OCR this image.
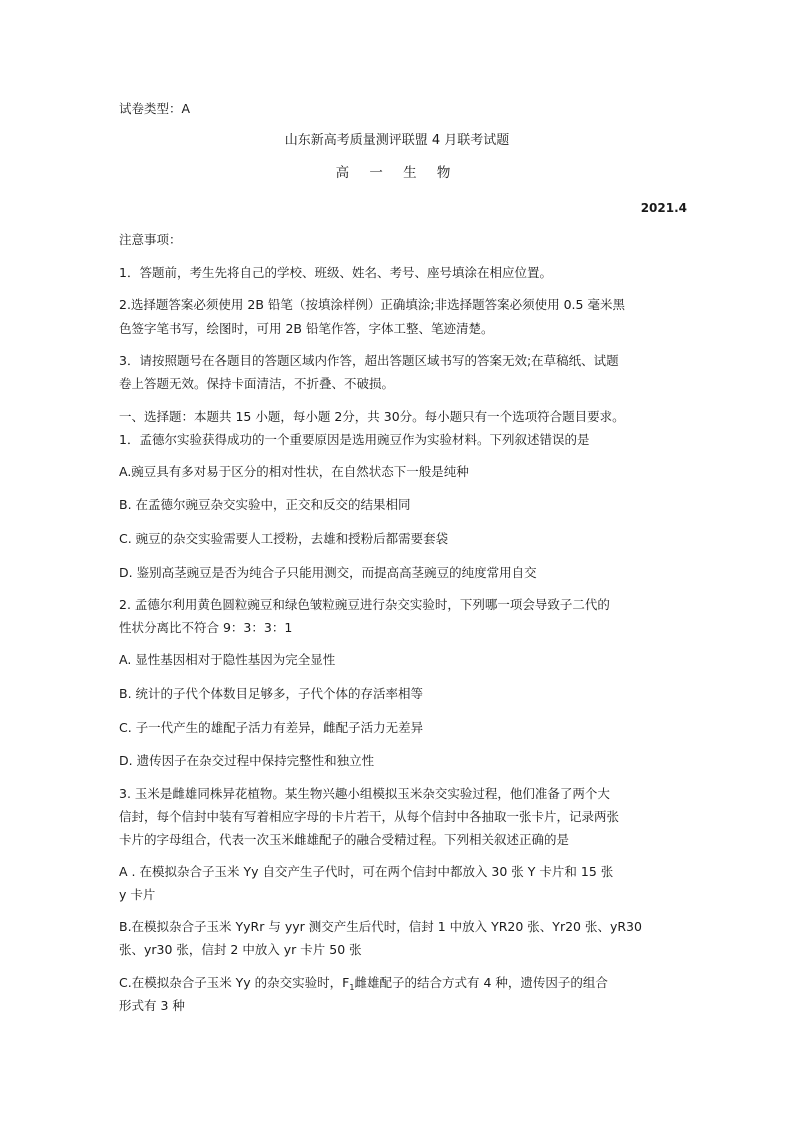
试卷类型：A
山东新高考质量测评联盟 4 月联考试题
高 一 生 物
2021.4
注意事项：
1．答题前，考生先将自己的学校、班级、姓名、考号、座号填涂在相应位置。
2.选择题答案必须使用 2B 铅笔（按填涂样例）正确填涂;非选择题答案必须使用 0.5 毫米黑
色签字笔书写，绘图时，可用 2B 铅笔作答，字体工整、笔迹清楚。
3．请按照题号在各题目的答题区域内作答，超出答题区域书写的答案无效;在草稿纸、试题
卷上答题无效。保持卡面清洁，不折叠、不破损。
一、选择题：本题共 15 小题，每小题 2分，共 30分。每小题只有一个选项符合题目要求。
1．孟德尔实验获得成功的一个重要原因是选用豌豆作为实验材料。下列叙述错误的是
A.豌豆具有多对易于区分的相对性状，在自然状态下一般是纯种
B. 在孟德尔豌豆杂交实验中，正交和反交的结果相同
C. 豌豆的杂交实验需要人工授粉，去雄和授粉后都需要套袋
D. 鉴别高茎豌豆是否为纯合子只能用测交，而提高高茎豌豆的纯度常用自交
2. 孟德尔利用黄色圆粒豌豆和绿色皱粒豌豆进行杂交实验时，下列哪一项会导致子二代的
性状分离比不符合 9：3：3：1
A. 显性基因相对于隐性基因为完全显性
B. 统计的子代个体数目足够多，子代个体的存活率相等
C. 子一代产生的雄配子活力有差异，雌配子活力无差异
D. 遗传因子在杂交过程中保持完整性和独立性
3. 玉米是雌雄同株异花植物。某生物兴趣小组模拟玉米杂交实验过程，他们准备了两个大
信封，每个信封中装有写着相应字母的卡片若干，从每个信封中各抽取一张卡片，记录两张
卡片的字母组合，代表一次玉米雌雄配子的融合受精过程。下列相关叙述正确的是
A . 在模拟杂合子玉米 Yy 自交产生子代时，可在两个信封中都放入 30 张 Y 卡片和 15 张
y 卡片
B.在模拟杂合子玉米 YyRr 与 yyr 测交产生后代时，信封 1 中放入 YR20 张、Yr20 张、yR30
张、yr30 张，信封 2 中放入 yr 卡片 50 张
C.在模拟杂合子玉米 Yy 的杂交实验时，$F_1$雌雄配子的结合方式有 4 种，遗传因子的组合
形式有 3 种
